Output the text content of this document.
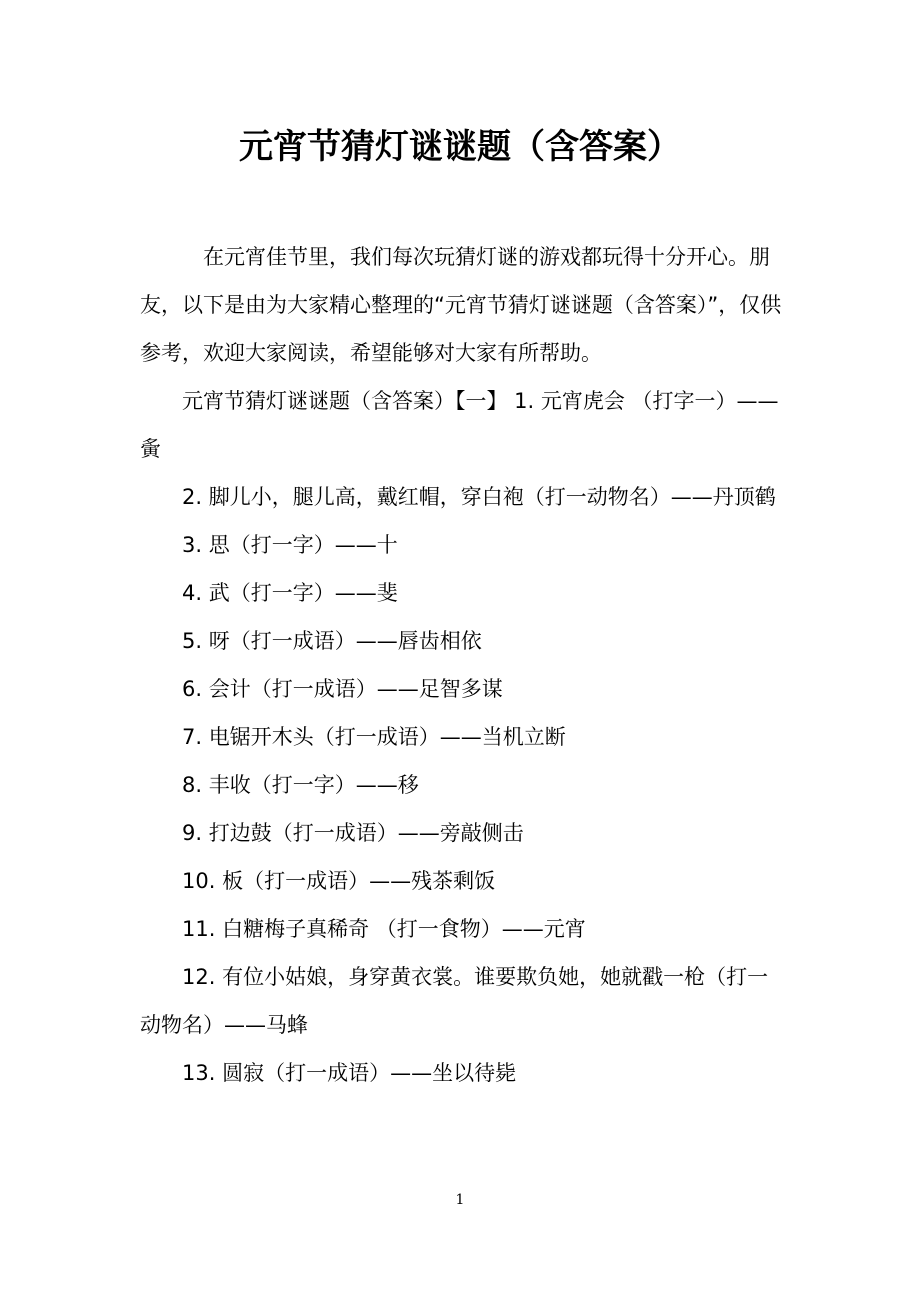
元宵节猜灯谜谜题（含答案）

在元宵佳节里，我们每次玩猜灯谜的游戏都玩得十分开心。朋友，以下是由为大家精心整理的“元宵节猜灯谜谜题（含答案）”，仅供参考，欢迎大家阅读，希望能够对大家有所帮助。

元宵节猜灯谜谜题（含答案）【一】 1. 元宵虎会 （打字一）——夤

2. 脚儿小，腿儿高，戴红帽，穿白袍（打一动物名）——丹顶鹤

3. 思（打一字）——十

4. 武（打一字）——斐

5. 呀（打一成语）——唇齿相依

6. 会计（打一成语）——足智多谋

7. 电锯开木头（打一成语）——当机立断

8. 丰收（打一字）——移

9. 打边鼓（打一成语）——旁敲侧击

10. 板（打一成语）——残茶剩饭

11. 白糖梅子真稀奇 （打一食物）——元宵

12. 有位小姑娘，身穿黄衣裳。谁要欺负她，她就戳一枪（打一动物名）——马蜂

13. 圆寂（打一成语）——坐以待毙

1
